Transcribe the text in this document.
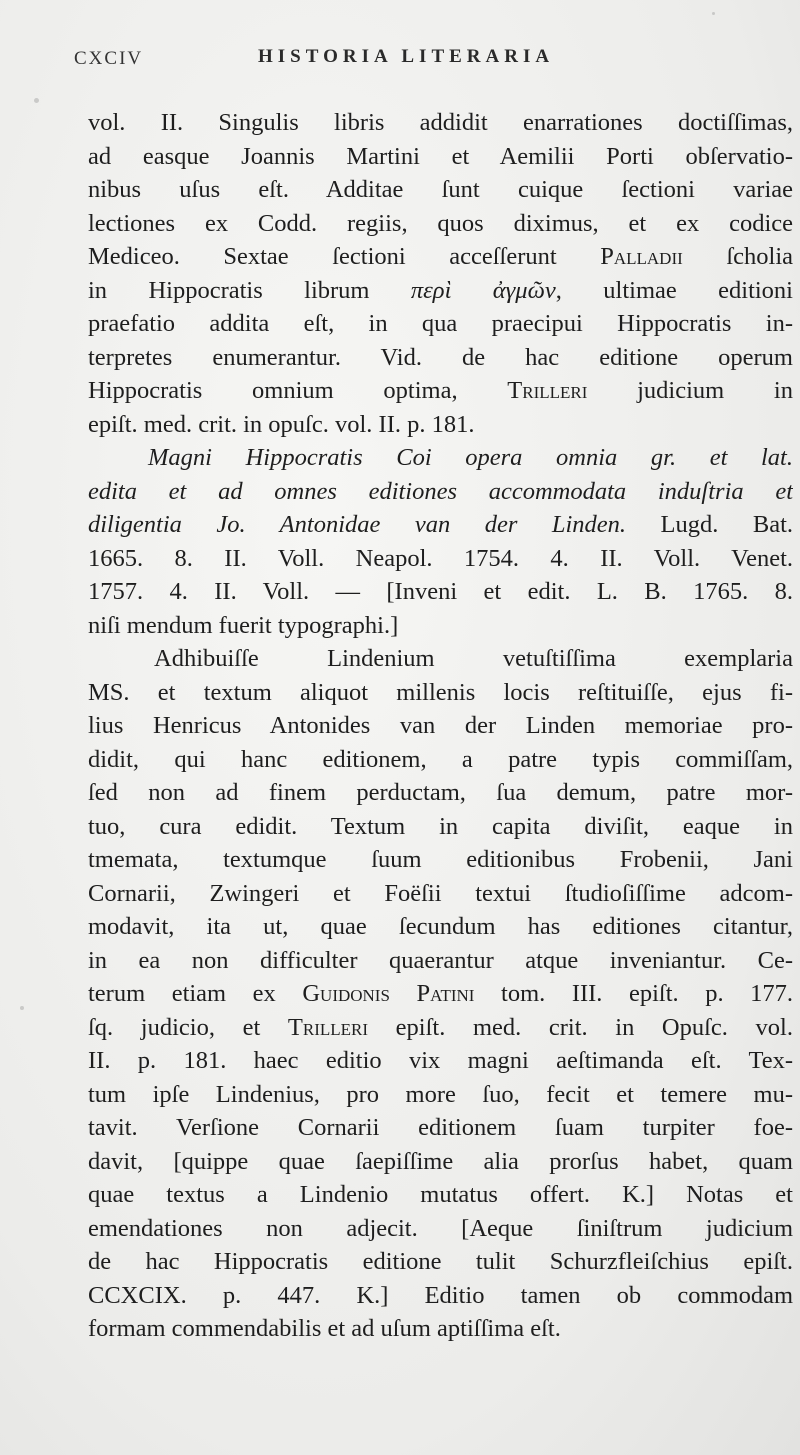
CXCIV	HISTORIA LITERARIA
vol. II. Singulis libris addidit enarrationes doctiſſimas,
ad easque Joannis Martini et Aemilii Porti obſervatio-
nibus uſus eſt. Additae ſunt cuique ſectioni variae
lectiones ex Codd. regiis, quos diximus, et ex codice
Mediceo. Sextae ſectioni acceſſerunt Palladii ſcholia
in Hippocratis librum περὶ ἀγμῶν, ultimae editioni
praefatio addita eſt, in qua praecipui Hippocratis in-
terpretes enumerantur. Vid. de hac editione operum
Hippocratis omnium optima, Trilleri judicium in
epiſt. med. crit. in opuſc. vol. II. p. 181.
Magni Hippocratis Coi opera omnia gr. et lat.
edita et ad omnes editiones accommodata induſtria et
diligentia Jo. Antonidae van der Linden. Lugd. Bat.
1665. 8. II. Voll. Neapol. 1754. 4. II. Voll. Venet.
1757. 4. II. Voll. — [Inveni et edit. L. B. 1765. 8.
niſi mendum fuerit typographi.]
Adhibuiſſe Lindenium vetuſtiſſima exemplaria
MS. et textum aliquot millenis locis reſtituiſſe, ejus fi-
lius Henricus Antonides van der Linden memoriae pro-
didit, qui hanc editionem, a patre typis commiſſam,
ſed non ad finem perductam, ſua demum, patre mor-
tuo, cura edidit. Textum in capita diviſit, eaque in
tmemata, textumque ſuum editionibus Frobenii, Jani
Cornarii, Zwingeri et Foëſii textui ſtudioſiſſime adcom-
modavit, ita ut, quae ſecundum has editiones citantur,
in ea non difficulter quaerantur atque inveniantur. Ce-
terum etiam ex Guidonis Patini tom. III. epiſt. p. 177.
ſq. judicio, et Trilleri epiſt. med. crit. in Opuſc. vol.
II. p. 181. haec editio vix magni aeſtimanda eſt. Tex-
tum ipſe Lindenius, pro more ſuo, fecit et temere mu-
tavit. Verſione Cornarii editionem ſuam turpiter foe-
davit, [quippe quae ſaepiſſime alia prorſus habet, quam
quae textus a Lindenio mutatus offert. K.] Notas et
emendationes non adjecit. [Aeque ſiniſtrum judicium
de hac Hippocratis editione tulit Schurzfleiſchius epiſt.
CCXCIX. p. 447. K.] Editio tamen ob commodam
formam commendabilis et ad uſum aptiſſima eſt.
